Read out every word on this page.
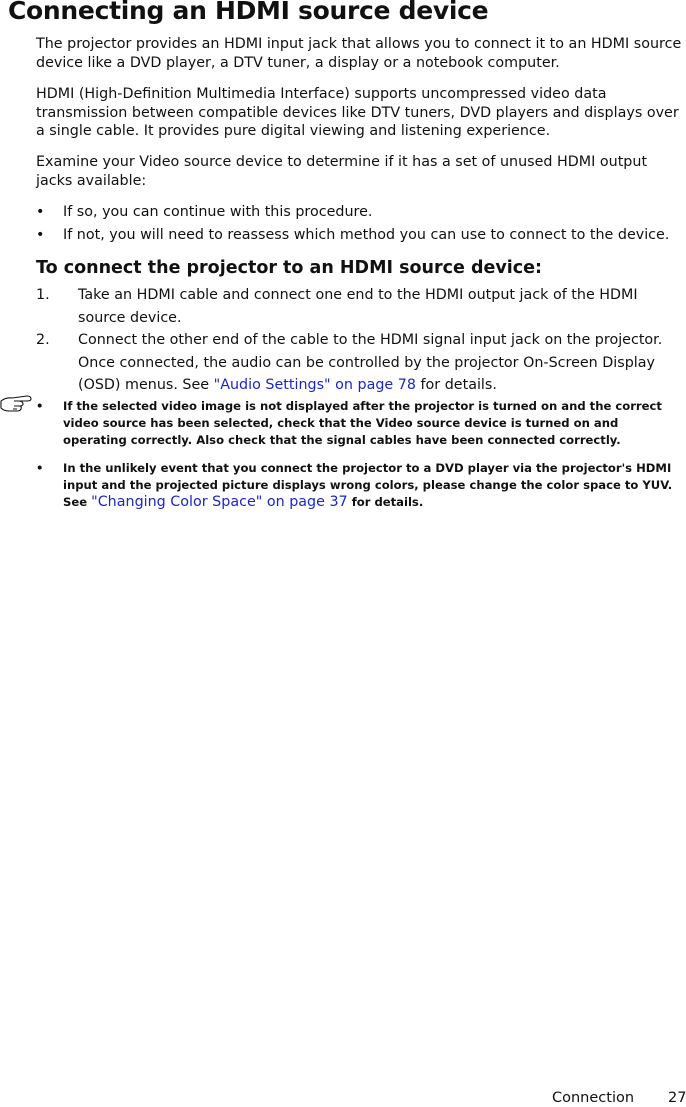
Connecting an HDMI source device

The projector provides an HDMI input jack that allows you to connect it to an HDMI source device like a DVD player, a DTV tuner, a display or a notebook computer.

HDMI (High-Definition Multimedia Interface) supports uncompressed video data transmission between compatible devices like DTV tuners, DVD players and displays over a single cable. It provides pure digital viewing and listening experience.

Examine your Video source device to determine if it has a set of unused HDMI output jacks available:

• If so, you can continue with this procedure.
• If not, you will need to reassess which method you can use to connect to the device.
To connect the projector to an HDMI source device:
1. Take an HDMI cable and connect one end to the HDMI output jack of the HDMI source device.
2. Connect the other end of the cable to the HDMI signal input jack on the projector. Once connected, the audio can be controlled by the projector On-Screen Display (OSD) menus. See "Audio Settings" on page 78 for details.
• If the selected video image is not displayed after the projector is turned on and the correct video source has been selected, check that the Video source device is turned on and operating correctly. Also check that the signal cables have been connected correctly.
• In the unlikely event that you connect the projector to a DVD player via the projector's HDMI input and the projected picture displays wrong colors, please change the color space to YUV. See "Changing Color Space" on page 37 for details.
Connection 27
